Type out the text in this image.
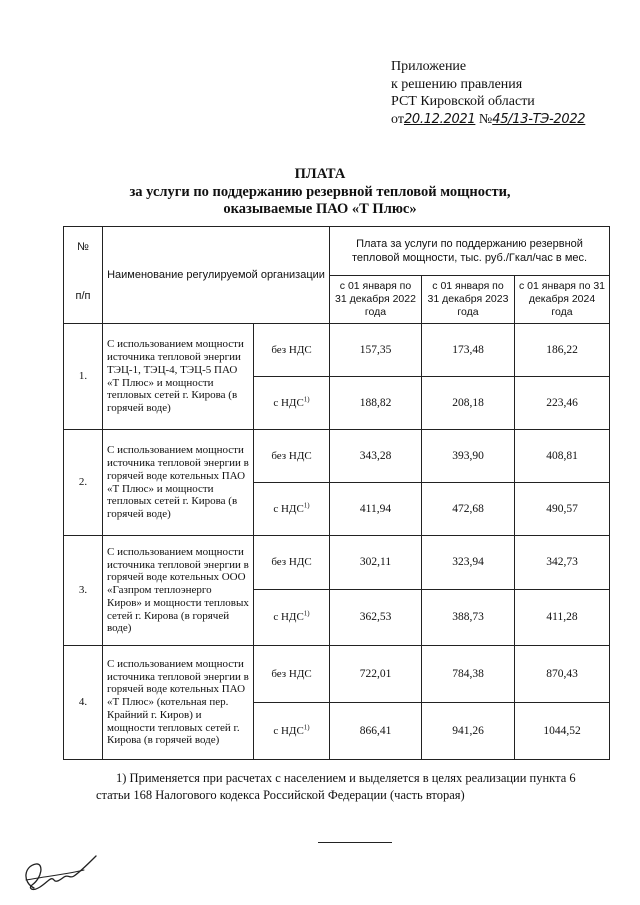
Приложение
к решению правления
РСТ Кировской области
от20.12.2021 №45/13-ТЭ-2022
ПЛАТА
за услуги по поддержанию резервной тепловой мощности,
оказываемые ПАО «Т Плюс»
№
п/п	Наименование регулируемой организации		Плата за услуги по поддержанию резервной тепловой мощности, тыс. руб./Гкал/час в мес.		
			с 01 января по 31 декабря 2022 года	с 01 января по 31 декабря 2023 года	с 01 января по 31 декабря 2024 года
1.	С использованием мощности источника тепловой энергии ТЭЦ-1, ТЭЦ-4, ТЭЦ-5 ПАО «Т Плюс» и мощности тепловых сетей г. Кирова (в горячей воде)	без НДС	157,35	173,48	186,22
		с НДС$^{1)}$	188,82	208,18	223,46
2.	С использованием мощности источника тепловой энергии в горячей воде котельных ПАО «Т Плюс» и мощности тепловых сетей г. Кирова (в горячей воде)	без НДС	343,28	393,90	408,81
		с НДС$^{1)}$	411,94	472,68	490,57
3.	С использованием мощности источника тепловой энергии в горячей воде котельных ООО «Газпром теплоэнерго Киров» и мощности тепловых сетей г. Кирова (в горячей воде)	без НДС	302,11	323,94	342,73
		с НДС$^{1)}$	362,53	388,73	411,28
4.	С использованием мощности источника тепловой энергии в горячей воде котельных ПАО «Т Плюс» (котельная пер. Крайний г. Киров) и мощности тепловых сетей г. Кирова (в горячей воде)	без НДС	722,01	784,38	870,43
		с НДС$^{1)}$	866,41	941,26	1044,52
1) Применяется при расчетах с населением и выделяется в целях реализации пункта 6
статьи 168 Налогового кодекса Российской Федерации (часть вторая)
